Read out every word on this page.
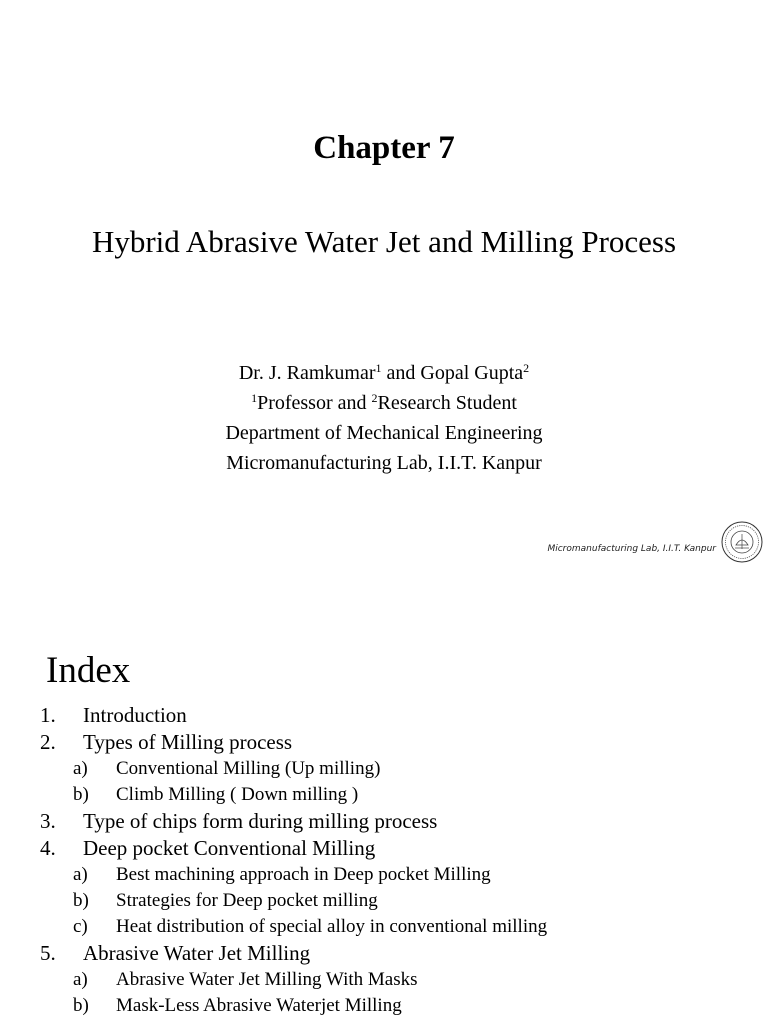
Chapter 7
Hybrid Abrasive Water Jet and Milling Process
Dr. J. Ramkumar$^1$ and Gopal Gupta$^2$
$^1$Professor and $^2$Research Student
Department of Mechanical Engineering
Micromanufacturing Lab, I.I.T. Kanpur
Micromanufacturing Lab, I.I.T. Kanpur
Index
1. Introduction
2. Types of Milling process
a) Conventional Milling (Up milling)
b) Climb Milling ( Down milling )
3. Type of chips form during milling process
4. Deep pocket Conventional Milling
a) Best machining approach in Deep pocket Milling
b) Strategies for Deep pocket milling
c) Heat distribution of special alloy in conventional milling
5. Abrasive Water Jet Milling
a) Abrasive Water Jet Milling With Masks
b) Mask-Less Abrasive Waterjet Milling
